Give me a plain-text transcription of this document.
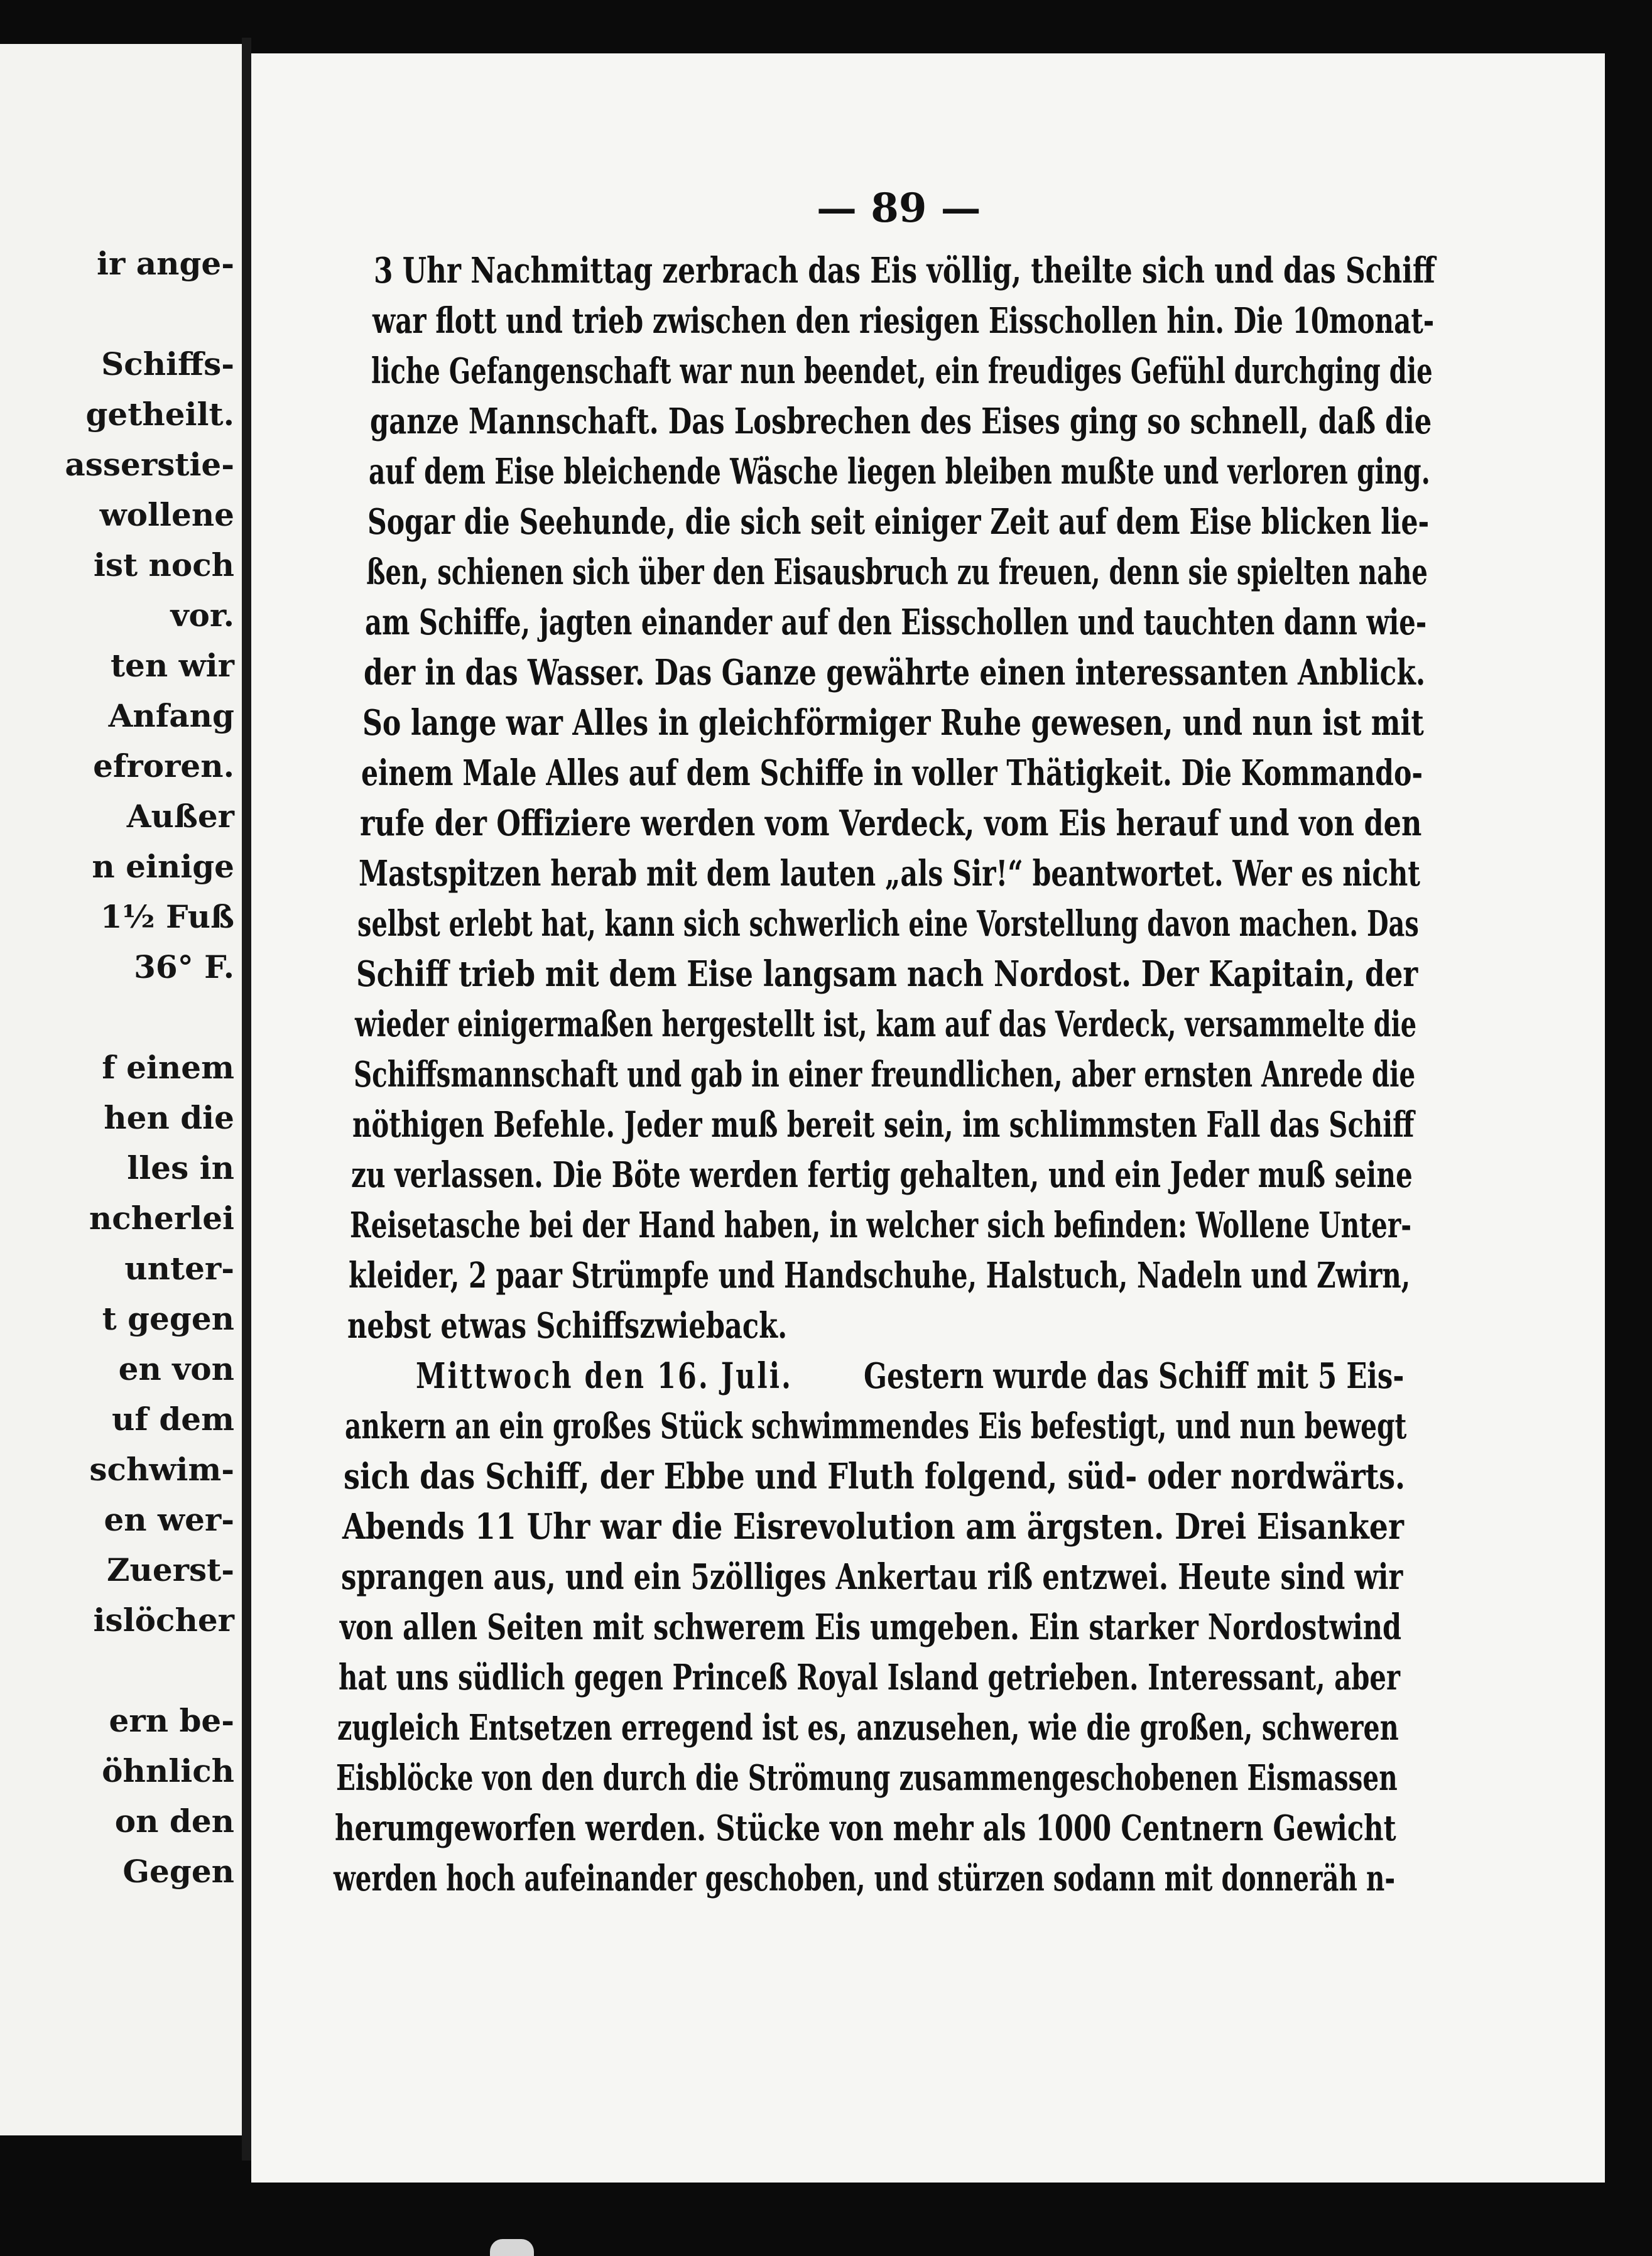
ir ange-
Schiffs-
getheilt.
asserstie-
wollene
ist noch
vor.
ten wir
Anfang
efroren.
Außer
n einige
1½ Fuß
36° F.
f einem
hen die
lles in
ncherlei
unter-
t gegen
en von
uf dem
schwim-
en wer-
Zuerst-
islöcher
ern be-
öhnlich
on den
Gegen
— 89 —
3 Uhr Nachmittag zerbrach das Eis völlig, theilte sich und das Schiff
war flott und trieb zwischen den riesigen Eisschollen hin. Die 10monat-
liche Gefangenschaft war nun beendet, ein freudiges Gefühl durchging die
ganze Mannschaft. Das Losbrechen des Eises ging so schnell, daß die
auf dem Eise bleichende Wäsche liegen bleiben mußte und verloren ging.
Sogar die Seehunde, die sich seit einiger Zeit auf dem Eise blicken lie-
ßen, schienen sich über den Eisausbruch zu freuen, denn sie spielten nahe
am Schiffe, jagten einander auf den Eisschollen und tauchten dann wie-
der in das Wasser. Das Ganze gewährte einen interessanten Anblick.
So lange war Alles in gleichförmiger Ruhe gewesen, und nun ist mit
einem Male Alles auf dem Schiffe in voller Thätigkeit. Die Kommando-
rufe der Offiziere werden vom Verdeck, vom Eis herauf und von den
Mastspitzen herab mit dem lauten „als Sir!“ beantwortet. Wer es nicht
selbst erlebt hat, kann sich schwerlich eine Vorstellung davon machen. Das
Schiff trieb mit dem Eise langsam nach Nordost. Der Kapitain, der
wieder einigermaßen hergestellt ist, kam auf das Verdeck, versammelte die
Schiffsmannschaft und gab in einer freundlichen, aber ernsten Anrede die
nöthigen Befehle. Jeder muß bereit sein, im schlimmsten Fall das Schiff
zu verlassen. Die Böte werden fertig gehalten, und ein Jeder muß seine
Reisetasche bei der Hand haben, in welcher sich befinden: Wollene Unter-
kleider, 2 paar Strümpfe und Handschuhe, Halstuch, Nadeln und Zwirn,
nebst etwas Schiffszwieback.
Mittwoch den 16. Juli. Gestern wurde das Schiff mit 5 Eis-
ankern an ein großes Stück schwimmendes Eis befestigt, und nun bewegt
sich das Schiff, der Ebbe und Fluth folgend, süd- oder nordwärts.
Abends 11 Uhr war die Eisrevolution am ärgsten. Drei Eisanker
sprangen aus, und ein 5zölliges Ankertau riß entzwei. Heute sind wir
von allen Seiten mit schwerem Eis umgeben. Ein starker Nordostwind
hat uns südlich gegen Princeß Royal Island getrieben. Interessant, aber
zugleich Entsetzen erregend ist es, anzusehen, wie die großen, schweren
Eisblöcke von den durch die Strömung zusammengeschobenen Eismassen
herumgeworfen werden. Stücke von mehr als 1000 Centnern Gewicht
werden hoch aufeinander geschoben, und stürzen sodann mit donneräh n-
